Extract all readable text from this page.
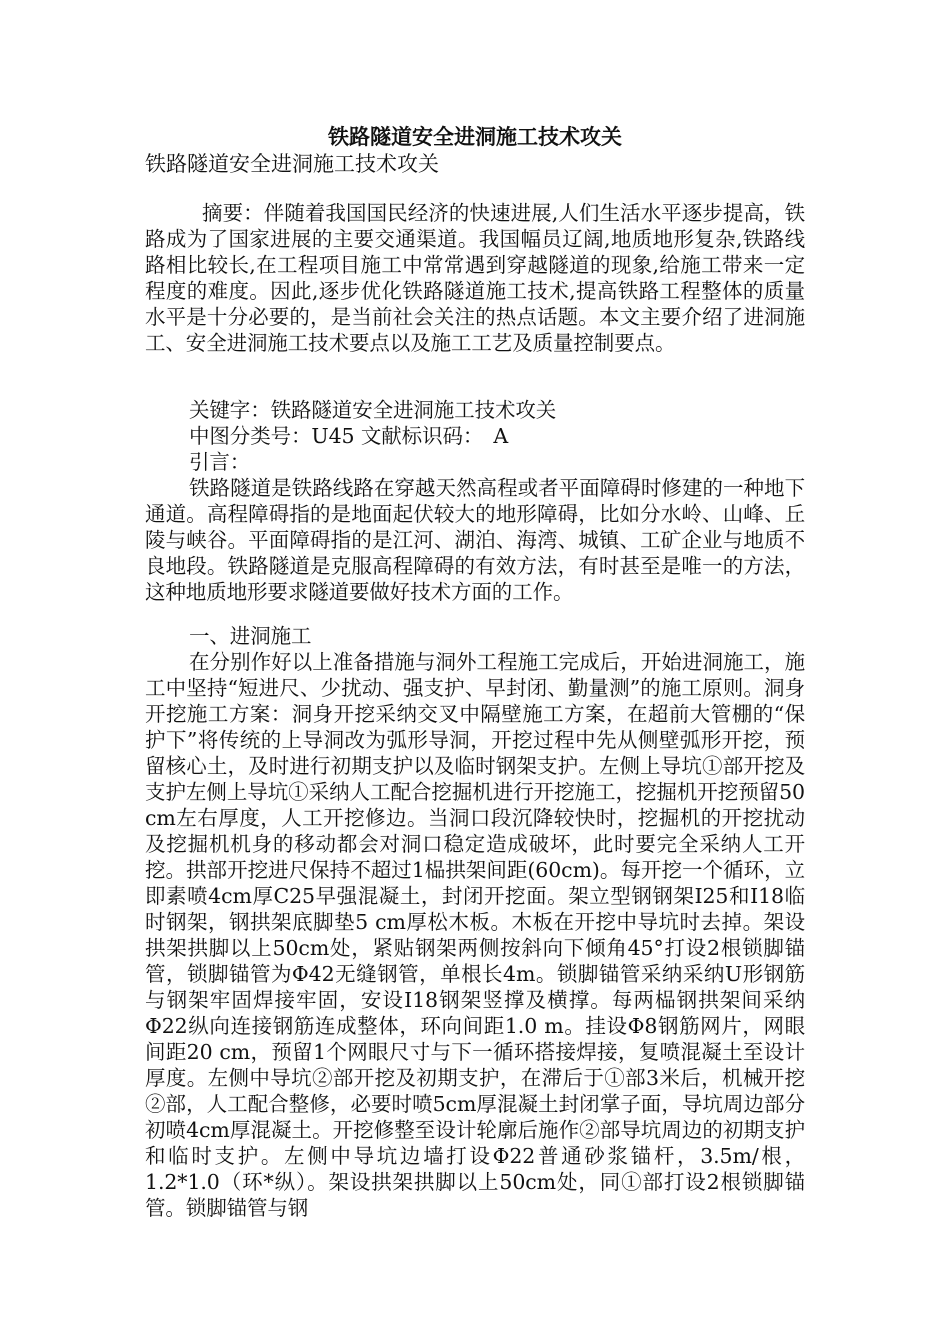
铁路隧道安全进洞施工技术攻关

铁路隧道安全进洞施工技术攻关

摘要：伴随着我国国民经济的快速进展,人们生活水平逐步提高，铁路成为了国家进展的主要交通渠道。我国幅员辽阔,地质地形复杂,铁路线路相比较长,在工程项目施工中常常遇到穿越隧道的现象,给施工带来一定程度的难度。因此,逐步优化铁路隧道施工技术,提高铁路工程整体的质量水平是十分必要的，是当前社会关注的热点话题。本文主要介绍了进洞施工、安全进洞施工技术要点以及施工工艺及质量控制要点。

关键字：铁路隧道安全进洞施工技术攻关

中图分类号：U45 文献标识码：　A

引言：

铁路隧道是铁路线路在穿越天然高程或者平面障碍时修建的一种地下通道。高程障碍指的是地面起伏较大的地形障碍，比如分水岭、山峰、丘陵与峡谷。平面障碍指的是江河、湖泊、海湾、城镇、工矿企业与地质不良地段。铁路隧道是克服高程障碍的有效方法，有时甚至是唯一的方法，这种地质地形要求隧道要做好技术方面的工作。

一、进洞施工

在分别作好以上准备措施与洞外工程施工完成后，开始进洞施工，施工中坚持“短进尺、少扰动、强支护、早封闭、勤量测”的施工原则。洞身开挖施工方案：洞身开挖采纳交叉中隔壁施工方案，在超前大管棚的“保护下”将传统的上导洞改为弧形导洞，开挖过程中先从侧壁弧形开挖，预留核心土，及时进行初期支护以及临时钢架支护。左侧上导坑①部开挖及支护左侧上导坑①采纳人工配合挖掘机进行开挖施工，挖掘机开挖预留50 cm左右厚度，人工开挖修边。当洞口段沉降较快时，挖掘机的开挖扰动及挖掘机机身的移动都会对洞口稳定造成破坏，此时要完全采纳人工开挖。拱部开挖进尺保持不超过1榀拱架间距(60cm)。每开挖一个循环，立即素喷4cm厚C25早强混凝土，封闭开挖面。架立型钢钢架I25和I18临时钢架，钢拱架底脚垫5 cm厚松木板。木板在开挖中导坑时去掉。架设拱架拱脚以上50cm处，紧贴钢架两侧按斜向下倾角45°打设2根锁脚锚管，锁脚锚管为Φ42无缝钢管，单根长4m。锁脚锚管采纳采纳U形钢筋与钢架牢固焊接牢固，安设I18钢架竖撑及横撑。每两榀钢拱架间采纳Φ22纵向连接钢筋连成整体，环向间距1.0 m。挂设Φ8钢筋网片，网眼间距20 cm，预留1个网眼尺寸与下一循环搭接焊接，复喷混凝土至设计厚度。左侧中导坑②部开挖及初期支护，在滞后于①部3米后，机械开挖②部，人工配合整修，必要时喷5cm厚混凝土封闭掌子面，导坑周边部分初喷4cm厚混凝土。开挖修整至设计轮廓后施作②部导坑周边的初期支护和临时支护。左侧中导坑边墙打设Φ22普通砂浆锚杆，3.5m/根，1.2*1.0（环*纵）。架设拱架拱脚以上50cm处，同①部打设2根锁脚锚管。锁脚锚管与钢
